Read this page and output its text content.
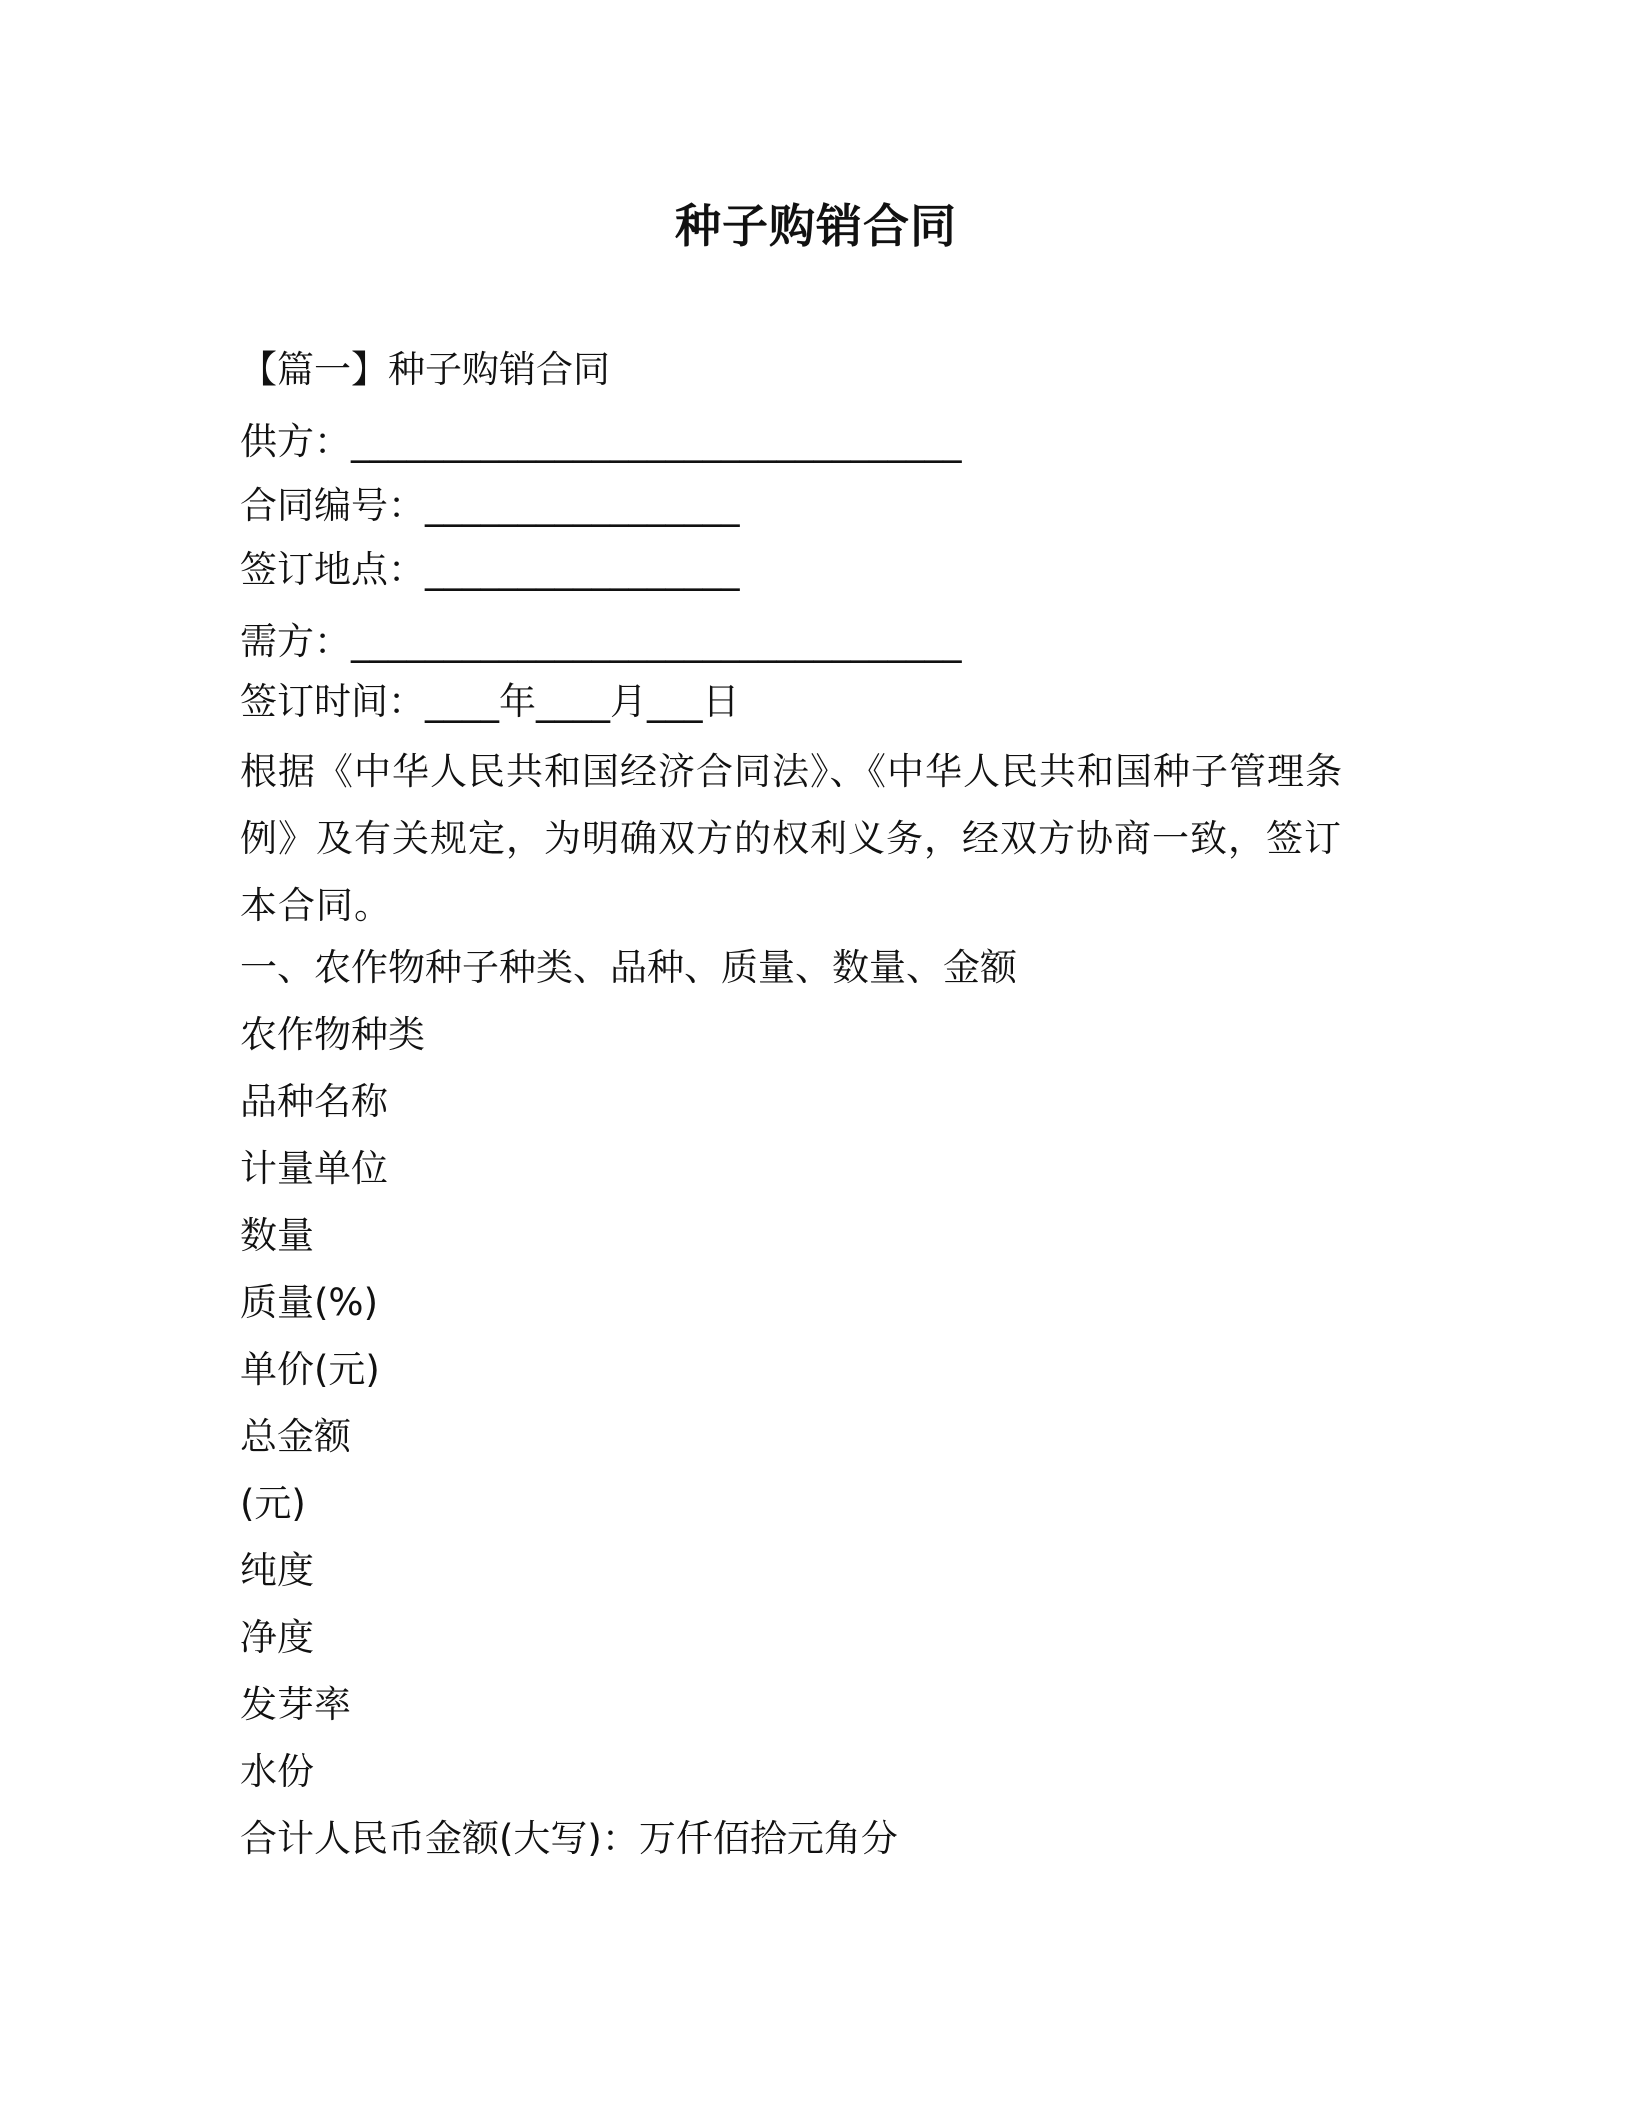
种子购销合同
【篇一】种子购销合同
供方：_________________________________
合同编号：_________________
签订地点：_________________
需方：_________________________________
签订时间：____年____月___日

根据《中华人民共和国经济合同法》、《中华人民共和国种子管理条例》及有关规定，为明确双方的权利义务，经双方协商一致，签订本合同。

一、农作物种子种类、品种、质量、数量、金额
农作物种类
品种名称
计量单位
数量
质量(%)
单价(元)
总金额
(元)
纯度
净度
发芽率
水份
合计人民币金额(大写)：万仟佰拾元角分
